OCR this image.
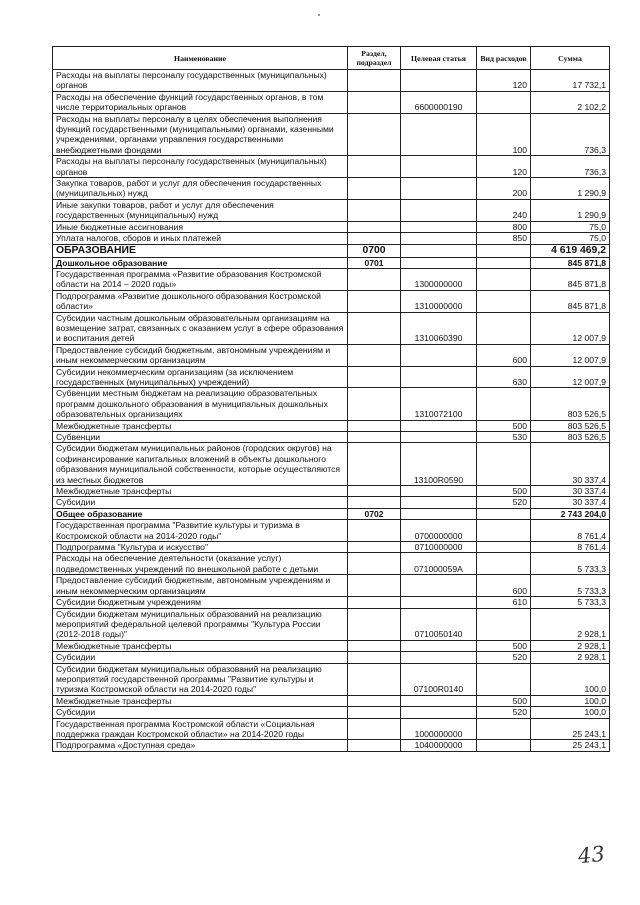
Наименование	Раздел, подраздел	Целевая статья	Вид расходов	Сумма
Расходы на выплаты персоналу государственных (муниципальных) органов			120	17 732,1
Расходы на обеспечение функций государственных органов, в том числе территориальных органов		6600000190		2 102,2
Расходы на выплаты персоналу в целях обеспечения выполнения функций государственными (муниципальными) органами, казенными учреждениями, органами управления государственными внебюджетными фондами			100	736,3
Расходы на выплаты персоналу государственных (муниципальных) органов			120	736,3
Закупка товаров, работ и услуг для обеспечения государственных (муниципальных) нужд			200	1 290,9
Иные закупки товаров, работ и услуг для обеспечения государственных (муниципальных) нужд			240	1 290,9
Иные бюджетные ассигнования			800	75,0
Уплата налогов, сборов и иных платежей			850	75,0
ОБРАЗОВАНИЕ	0700			4 619 469,2
Дошкольное образование	0701			845 871,8
Государственная программа «Развитие образования Костромской области на 2014 – 2020 годы»		1300000000		845 871,8
Подпрограмма «Развитие дошкольного образования Костромской области»		1310000000		845 871,8
Субсидии частным дошкольным образовательным организациям на возмещение затрат, связанных с оказанием услуг в сфере образования и воспитания детей		1310060390		12 007,9
Предоставление субсидий бюджетным, автономным учреждениям и иным некоммерческим организациям			600	12 007,9
Субсидии некоммерческим организациям (за исключением государственных (муниципальных) учреждений)			630	12 007,9
Субвенции местным бюджетам на реализацию образовательных программ дошкольного образования в муниципальных дошкольных образовательных организациях		1310072100		803 526,5
Межбюджетные трансферты			500	803 526,5
Субвенции			530	803 526,5
Субсидии бюджетам муниципальных районов (городских округов) на софинансирование капитальных вложений в объекты дошкольного образования муниципальной собственности, которые осуществляются из местных бюджетов		13100R0590		30 337,4
Межбюджетные трансферты			500	30 337,4
Субсидии			520	30 337,4
Общее образование	0702			2 743 204,0
Государственная программа "Развитие культуры и туризма в Костромской области на 2014-2020 годы"		0700000000		8 761,4
Подпрограмма "Культура и искусство"		0710000000		8 761,4
Расходы на обеспечение деятельности (оказание услуг) подведомственных учреждений по внешкольной работе с детьми		071000059А		5 733,3
Предоставление субсидий бюджетным, автономным учреждениям и иным некоммерческим организациям			600	5 733,3
Субсидии бюджетным учреждениям			610	5 733,3
Субсидии бюджетам муниципальных образований на реализацию мероприятий федеральной целевой программы "Культура России (2012-2018 годы)"		0710050140		2 928,1
Межбюджетные трансферты			500	2 928,1
Субсидии			520	2 928,1
Субсидии бюджетам муниципальных образований на реализацию мероприятий государственной программы "Развитие культуры и туризма Костромской области на 2014-2020 годы"		07100R0140		100,0
Межбюджетные трансферты			500	100,0
Субсидии			520	100,0
Государственная программа Костромской области «Социальная поддержка граждан Костромской области» на 2014-2020 годы		1000000000		25 243,1
Подпрограмма «Доступная среда»		1040000000		25 243,1
43
